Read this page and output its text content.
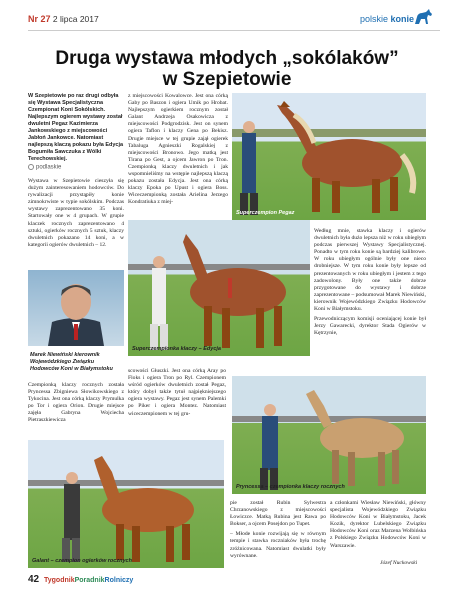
Nr 27 2 lipca 2017	polskie konie
Druga wystawa młodych „sokólaków”
w Szepietowie
W Szepietowie po raz drugi odbyła się Wystawa Specjalistyczna Czempionat Koni Sokólskich. Najlepszym ogierem wystawy został dwuletni Pegaz Kazimierza Jankowskiego z miejscowości Jabłoń Jankowce. Natomiast najlepszą klaczą pokazu była Edycja Bogumiła Sawczuka z Wólki Terechowskiej.
podlaskie

Wystawa w Szepietowie cieszyła się dużym zainteresowaniem hodowców. Do rywalizacji przystąpiły konie zimnokrwiste w typie sokólskim. Podczas wystawy zaprezentowano 35 koni. Startowały one w 4 grupach. W grupie klaczek rocznych zaprezentowano 4 sztuki, ogierków rocznych 5 sztuk, klaczy dwuletnich pokazano 14 koni, a w kategorii ogierów dwuletnich – 12.

z miejscowości Kowalowce. Jest ona córką Gaby po Baszon i ogiera Umik po Hrobat. Najlepszym ogierkiem rocznym został Galant Andrzeja Osakowicza z miejscowości Podgrodzisk. Jest on synem ogiera Taflon i klaczy Gena po Bekisz. Drugie miejsce w tej grupie zajął ogierek Tabaluga Agnieszki Rogalskiej z miejscowości Bronowo. Jego matką jest Tirana po Gest, a ojcem Jawron po Tron. Czempionką klaczy dwuletnich i jak wspomnieliśmy na wstępie najlepszą klaczą pokazu została Edycja. Jest ona córką klaczy Epoka po Upust i ogiera Boss. Wiceczempionką została Arielina Jerzego Kondratiuka z miej-

Superczempion Pegaz
Marek Niewiński kierownik Wojewódzkiego Związku Hodowców Koni w Białymstoku
Superczempionka klaczy – Edycja

Według mnie, stawka klaczy i ogierów dwuletnich była dużo lepsza niż w roku ubiegłym podczas pierwszej Wystawy Specjalistycznej. Ponadto w tym roku konie są bardziej kalibrowe. W roku ubiegłym ogólnie były one nieco drobniejsze. W tym roku konie były lepsze od prezentowanych w roku ubiegłym i jestem z tego zadowolony. Były one także dobrze przygotowane do wystawy i dobrze zaprezentowane – podsumował Marek Niewiński, kierownik Wojewódzkiego Związku Hodowców Koni w Białymstoku.

Przewodniczącym komisji oceniającej konie był Jerzy Gawarecki, dyrektor Stada Ogierów w Kętrzynie,

Czempionką klaczy rocznych została Pryncessa Zbigniewa Słowikowskiego z Tykocina. Jest ona córką klaczy Prymulka po Tor i ogiera Orion. Drugie miejsce zajęła Gabryna Wojciecha Pietraszkiewicza

scowości Głuszki. Jest ona córką Aray po Floks i ogiera Tron po Ryl. Czempionem wśród ogierków dwuletnich został Pegaz, który dobył także tytuł najpiękniejszego ogiera wystawy. Pegaz jest synem Palemki po Piker i ogiera Montez. Natomiast wiceczempionem w tej gru-

Pryncessa – czempionka klaczy rocznych
Galant – czempion ogierków rocznych

pie został Rubin Sylwestra Chrzanowskiego z miejscowości Łowiczce. Matką Rubina jest Rawa po Bokser, a ojcem Posejdon po Tupet.

– Młode konie rozwijają się w równym tempie i stawka roczniaków była trochę zróżnicowana. Natomiast dwulatki były wyrównane.

a członkami Wiesław Niewiński, główny specjalista Wojewódzkiego Związku Hodowców Koni w Białymstoku, Jacek Kozik, dyrektor Lubelskiego Związku Hodowców Koni oraz Marzena Wolbińska z Polskiego Związku Hodowców Koni w Warszawie.

Józef Nuckowski
42 TygodnikPoradnikRolniczy
